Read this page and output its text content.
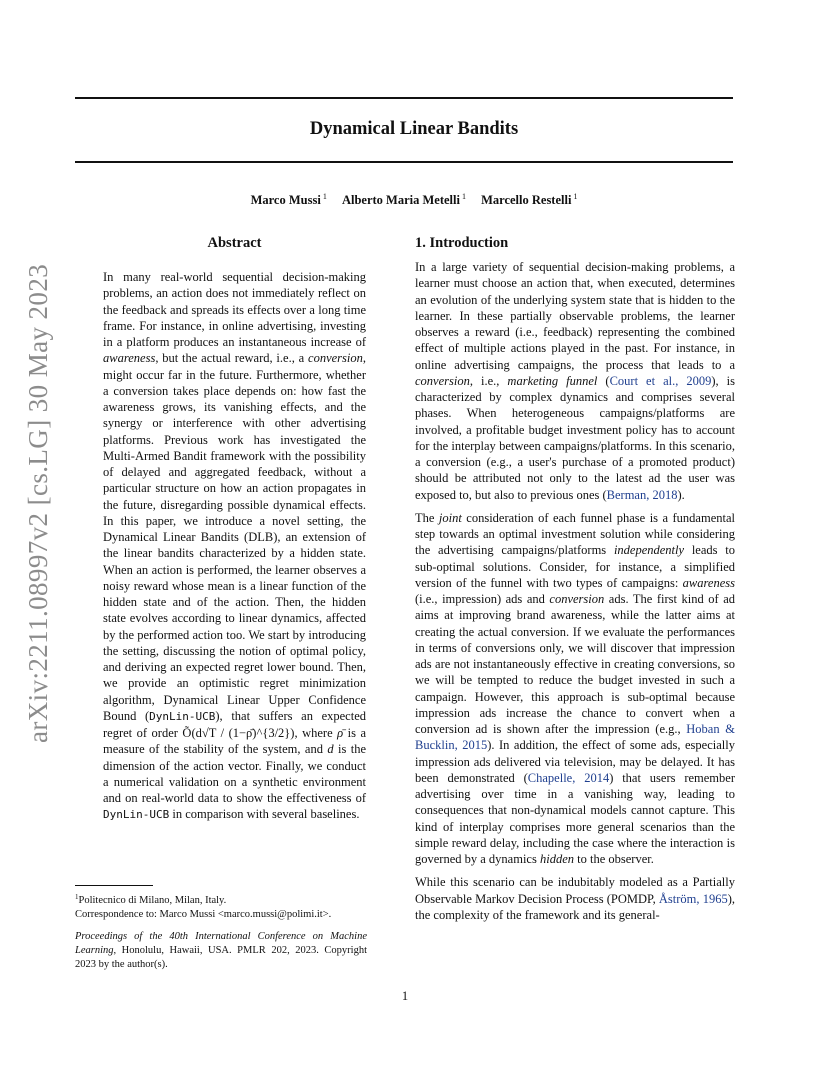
arXiv:2211.08997v2 [cs.LG] 30 May 2023
Dynamical Linear Bandits

Marco Mussi $^1$ Alberto Maria Metelli $^1$ Marcello Restelli $^1$

Abstract

In many real-world sequential decision-making problems, an action does not immediately reflect on the feedback and spreads its effects over a long time frame. For instance, in online advertising, investing in a platform produces an instantaneous increase of awareness, but the actual reward, i.e., a conversion, might occur far in the future. Furthermore, whether a conversion takes place depends on: how fast the awareness grows, its vanishing effects, and the synergy or interference with other advertising platforms. Previous work has investigated the Multi-Armed Bandit framework with the possibility of delayed and aggregated feedback, without a particular structure on how an action propagates in the future, disregarding possible dynamical effects. In this paper, we introduce a novel setting, the Dynamical Linear Bandits (DLB), an extension of the linear bandits characterized by a hidden state. When an action is performed, the learner observes a noisy reward whose mean is a linear function of the hidden state and of the action. Then, the hidden state evolves according to linear dynamics, affected by the performed action too. We start by introducing the setting, discussing the notion of optimal policy, and deriving an expected regret lower bound. Then, we provide an optimistic regret minimization algorithm, Dynamical Linear Upper Confidence Bound (DynLin-UCB), that suffers an expected regret of order Õ(d√T / (1−ρ̄)^{3/2}), where ρ̄ is a measure of the stability of the system, and d is the dimension of the action vector. Finally, we conduct a numerical validation on a synthetic environment and on real-world data to show the effectiveness of DynLin-UCB in comparison with several baselines.

1. Introduction

In a large variety of sequential decision-making problems, a learner must choose an action that, when executed, determines an evolution of the underlying system state that is hidden to the learner. In these partially observable problems, the learner observes a reward (i.e., feedback) representing the combined effect of multiple actions played in the past. For instance, in online advertising campaigns, the process that leads to a conversion, i.e., marketing funnel (Court et al., 2009), is characterized by complex dynamics and comprises several phases. When heterogeneous campaigns/platforms are involved, a profitable budget investment policy has to account for the interplay between campaigns/platforms. In this scenario, a conversion (e.g., a user's purchase of a promoted product) should be attributed not only to the latest ad the user was exposed to, but also to previous ones (Berman, 2018).

The joint consideration of each funnel phase is a fundamental step towards an optimal investment solution while considering the advertising campaigns/platforms independently leads to sub-optimal solutions. Consider, for instance, a simplified version of the funnel with two types of campaigns: awareness (i.e., impression) ads and conversion ads. The first kind of ad aims at improving brand awareness, while the latter aims at creating the actual conversion. If we evaluate the performances in terms of conversions only, we will discover that impression ads are not instantaneously effective in creating conversions, so we will be tempted to reduce the budget invested in such a campaign. However, this approach is sub-optimal because impression ads increase the chance to convert when a conversion ad is shown after the impression (e.g., Hoban & Bucklin, 2015). In addition, the effect of some ads, especially impression ads delivered via television, may be delayed. It has been demonstrated (Chapelle, 2014) that users remember advertising over time in a vanishing way, leading to consequences that non-dynamical models cannot capture. This kind of interplay comprises more general scenarios than the simple reward delay, including the case where the interaction is governed by a dynamics hidden to the observer.

While this scenario can be indubitably modeled as a Partially Observable Markov Decision Process (POMDP, Åström, 1965), the complexity of the framework and its general-

$^1$Politecnico di Milano, Milan, Italy.
Correspondence to: Marco Mussi <marco.mussi@polimi.it>.

Proceedings of the 40th International Conference on Machine Learning, Honolulu, Hawaii, USA. PMLR 202, 2023. Copyright 2023 by the author(s).

1
